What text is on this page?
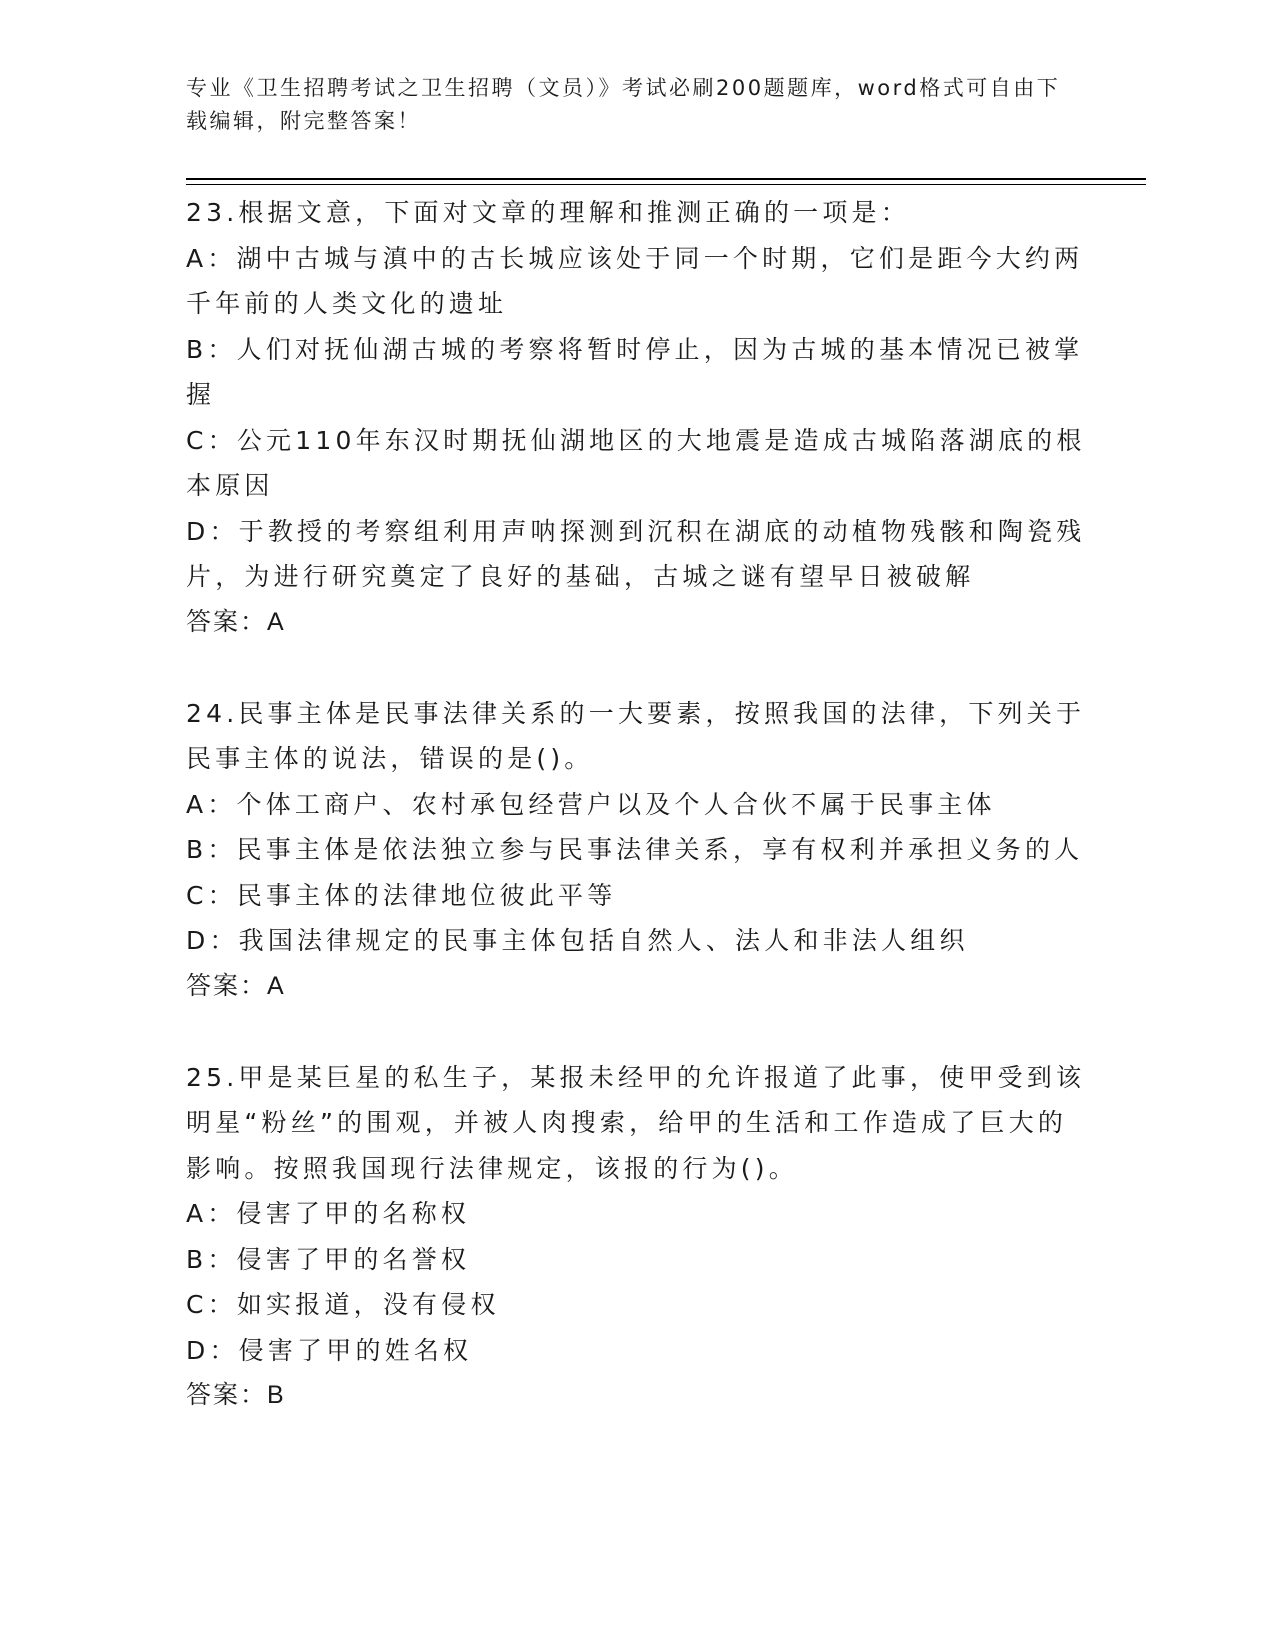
专业《卫生招聘考试之卫生招聘（文员）》考试必刷200题题库，word格式可自由下载编辑，附完整答案！
23.根据文意，下面对文章的理解和推测正确的一项是：
A：湖中古城与滇中的古长城应该处于同一个时期，它们是距今大约两千年前的人类文化的遗址
B：人们对抚仙湖古城的考察将暂时停止，因为古城的基本情况已被掌握
C：公元110年东汉时期抚仙湖地区的大地震是造成古城陷落湖底的根本原因
D：于教授的考察组利用声呐探测到沉积在湖底的动植物残骸和陶瓷残片，为进行研究奠定了良好的基础，古城之谜有望早日被破解
答案：A
24.民事主体是民事法律关系的一大要素，按照我国的法律，下列关于民事主体的说法，错误的是()。
A：个体工商户、农村承包经营户以及个人合伙不属于民事主体
B：民事主体是依法独立参与民事法律关系，享有权利并承担义务的人
C：民事主体的法律地位彼此平等
D：我国法律规定的民事主体包括自然人、法人和非法人组织
答案：A
25.甲是某巨星的私生子，某报未经甲的允许报道了此事，使甲受到该明星“粉丝”的围观，并被人肉搜索，给甲的生活和工作造成了巨大的影响。按照我国现行法律规定，该报的行为()。
A：侵害了甲的名称权
B：侵害了甲的名誉权
C：如实报道，没有侵权
D：侵害了甲的姓名权
答案：B
